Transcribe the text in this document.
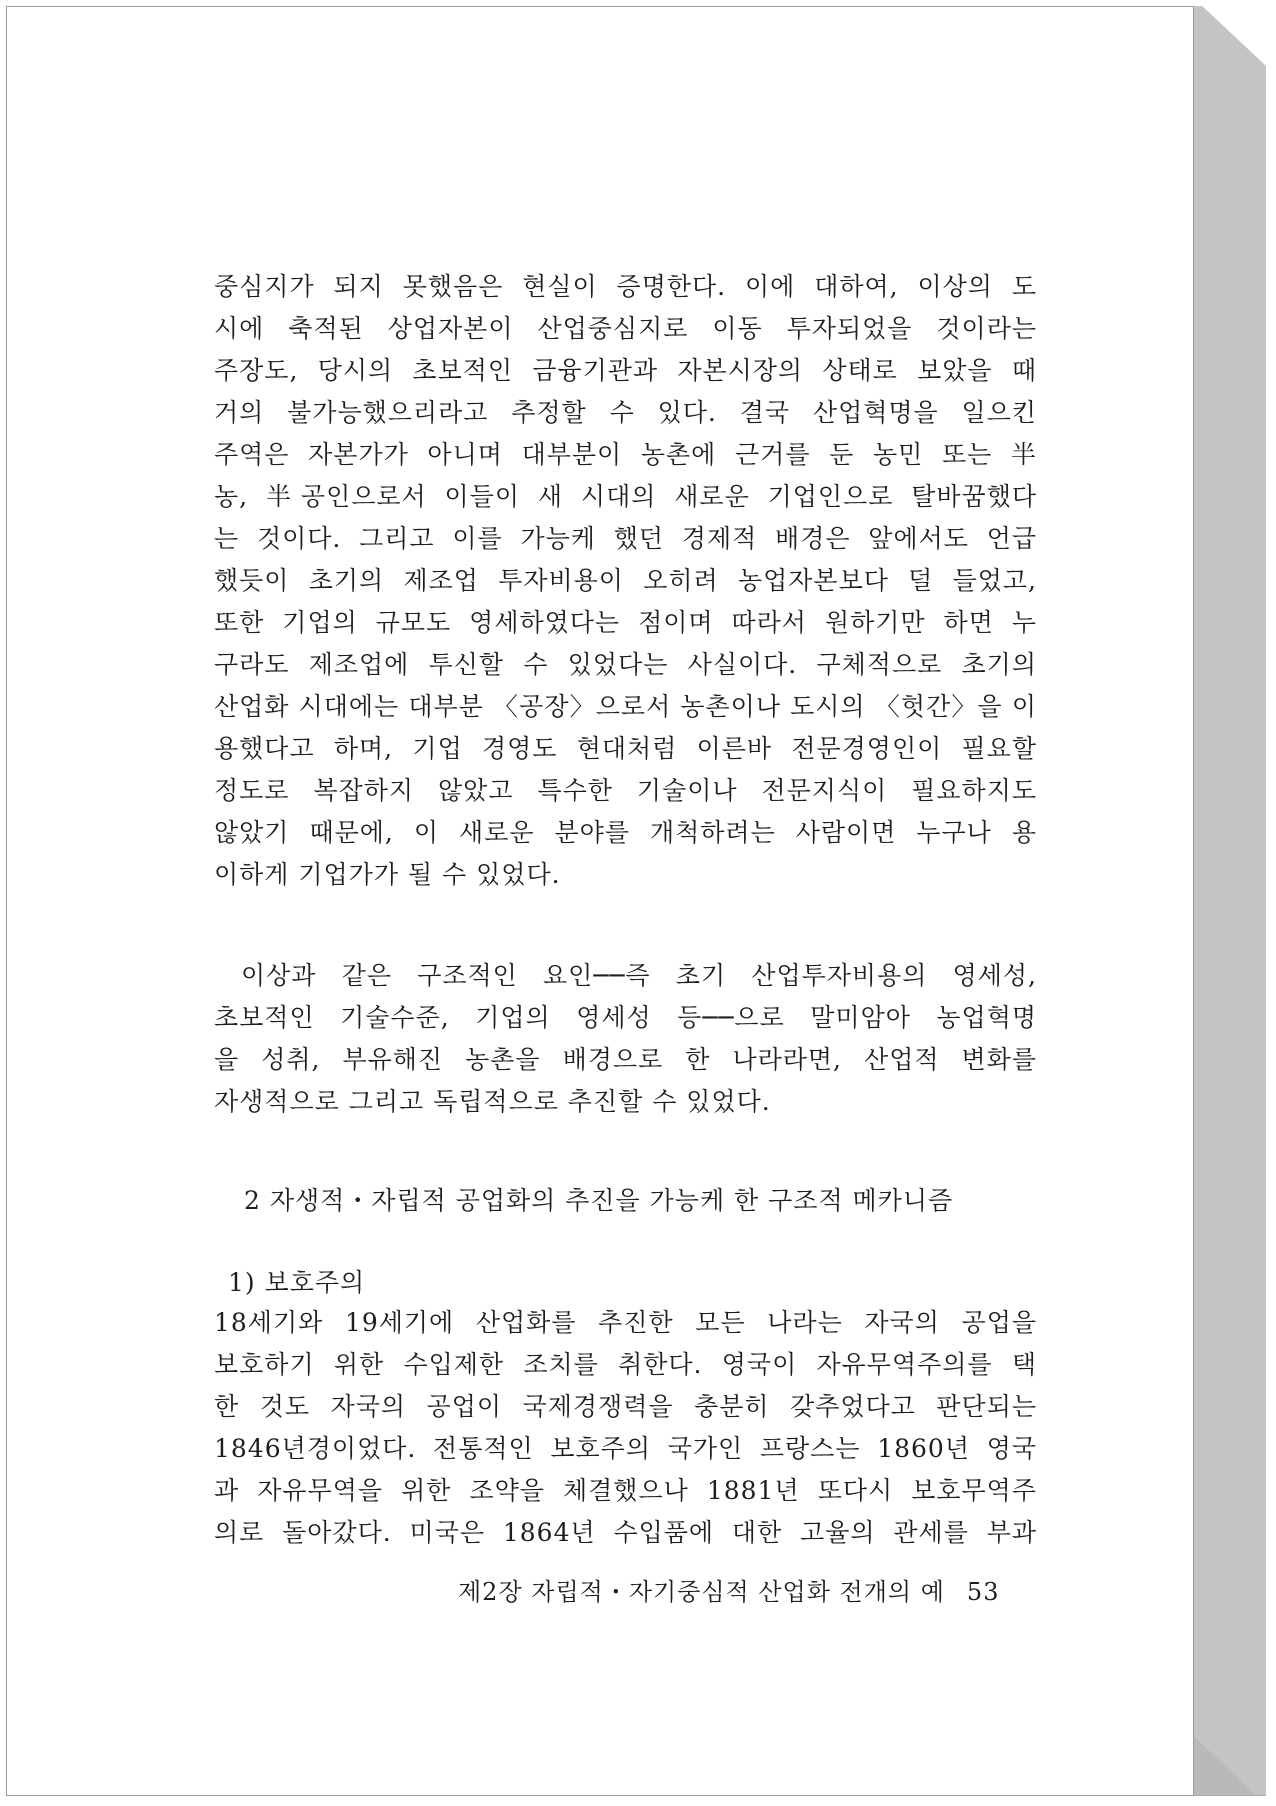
중심지가 되지 못했음은 현실이 증명한다. 이에 대하여, 이상의 도
시에 축적된 상업자본이 산업중심지로 이동 투자되었을 것이라는
주장도, 당시의 초보적인 금융기관과 자본시장의 상태로 보았을 때
거의 불가능했으리라고 추정할 수 있다. 결국 산업혁명을 일으킨
주역은 자본가가 아니며 대부분이 농촌에 근거를 둔 농민 또는 半
농, 半공인으로서 이들이 새 시대의 새로운 기업인으로 탈바꿈했다
는 것이다. 그리고 이를 가능케 했던 경제적 배경은 앞에서도 언급
했듯이 초기의 제조업 투자비용이 오히려 농업자본보다 덜 들었고,
또한 기업의 규모도 영세하였다는 점이며 따라서 원하기만 하면 누
구라도 제조업에 투신할 수 있었다는 사실이다. 구체적으로 초기의
산업화 시대에는 대부분 〈공장〉으로서 농촌이나 도시의 〈헛간〉을 이
용했다고 하며, 기업 경영도 현대처럼 이른바 전문경영인이 필요할
정도로 복잡하지 않았고 특수한 기술이나 전문지식이 필요하지도
않았기 때문에, 이 새로운 분야를 개척하려는 사람이면 누구나 용
이하게 기업가가 될 수 있었다.
이상과 같은 구조적인 요인──즉 초기 산업투자비용의 영세성,
초보적인 기술수준, 기업의 영세성 등──으로 말미암아 농업혁명
을 성취, 부유해진 농촌을 배경으로 한 나라라면, 산업적 변화를
자생적으로 그리고 독립적으로 추진할 수 있었다.
2 자생적・자립적 공업화의 추진을 가능케 한 구조적 메카니즘
1) 보호주의
18세기와 19세기에 산업화를 추진한 모든 나라는 자국의 공업을
보호하기 위한 수입제한 조치를 취한다. 영국이 자유무역주의를 택
한 것도 자국의 공업이 국제경쟁력을 충분히 갖추었다고 판단되는
1846년경이었다. 전통적인 보호주의 국가인 프랑스는 1860년 영국
과 자유무역을 위한 조약을 체결했으나 1881년 또다시 보호무역주
의로 돌아갔다. 미국은 1864년 수입품에 대한 고율의 관세를 부과
제2장 자립적・자기중심적 산업화 전개의 예 53
